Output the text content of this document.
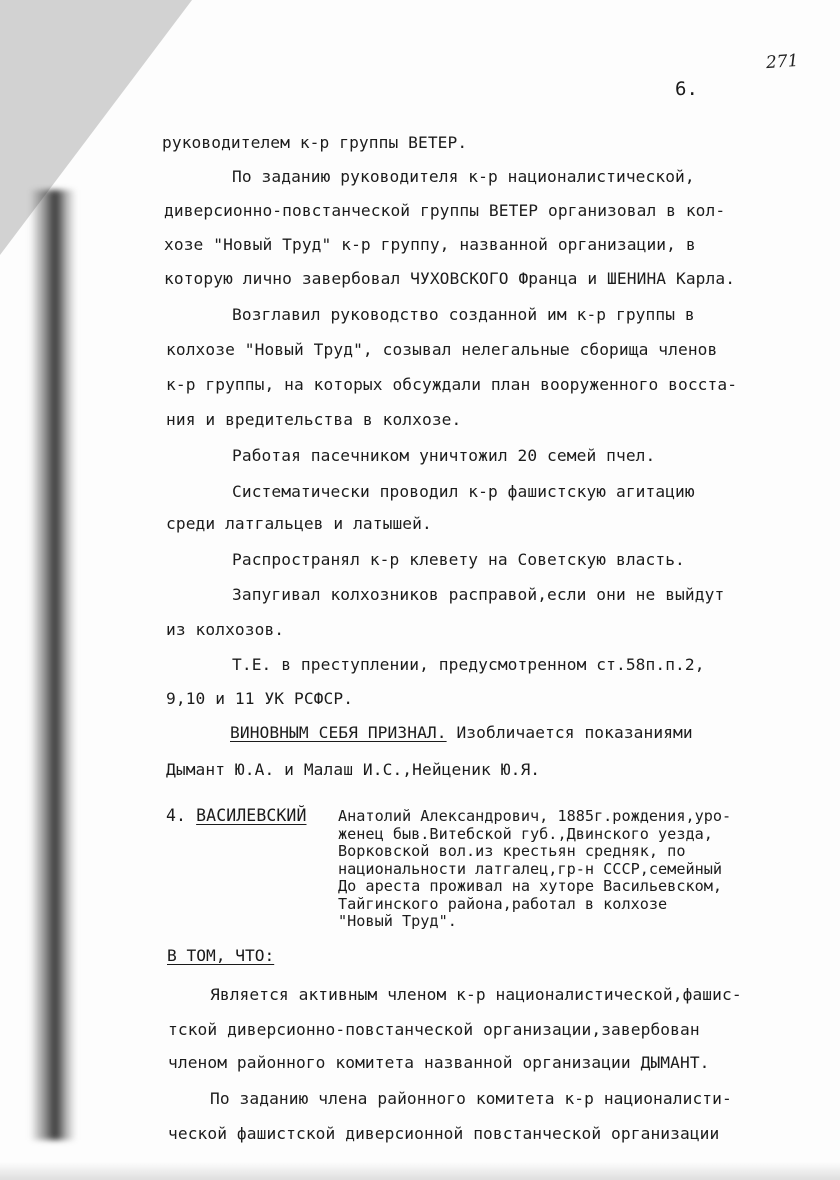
271
6.
руководителем к-р группы ВЕТЕР.
По заданию руководителя к-р националистической,
диверсионно-повстанческой группы ВЕТЕР организовал в кол-
хозе "Новый Труд" к-р группу, названной организации, в
которую лично завербовал ЧУХОВСКОГО Франца и ШЕНИНА Карла.
Возглавил руководство созданной им к-р группы в
колхозе "Новый Труд", созывал нелегальные сборища членов
к-р группы, на которых обсуждали план вооруженного восста-
ния и вредительства в колхозе.
Работая пасечником уничтожил 20 семей пчел.
Систематически проводил к-р фашистскую агитацию
среди латгальцев и латышей.
Распространял к-р клевету на Советскую власть.
Запугивал колхозников расправой,если они не выйдут
из колхозов.
Т.Е. в преступлении, предусмотренном ст.58п.п.2,
9,10 и 11 УК РСФСР.
ВИНОВНЫМ СЕБЯ ПРИЗНАЛ. Изобличается показаниями
Дымант Ю.А. и Малаш И.С.,Нейценик Ю.Я.
4. ВАСИЛЕВСКИЙ Анатолий Александрович, 1885г.рождения,уро-
женец быв.Витебской губ.,Двинского уезда,
Ворковской вол.из крестьян средняк, по
национальности латгалец,гр-н СССР,семейный
До ареста проживал на хуторе Васильевском,
Тайгинского района,работал в колхозе
"Новый Труд".
В ТОМ, ЧТО:
Является активным членом к-р националистической,фашис-
тской диверсионно-повстанческой организации,завербован
членом районного комитета названной организации ДЫМАНТ.
По заданию члена районного комитета к-р националисти-
ческой фашистской диверсионной повстанческой организации
